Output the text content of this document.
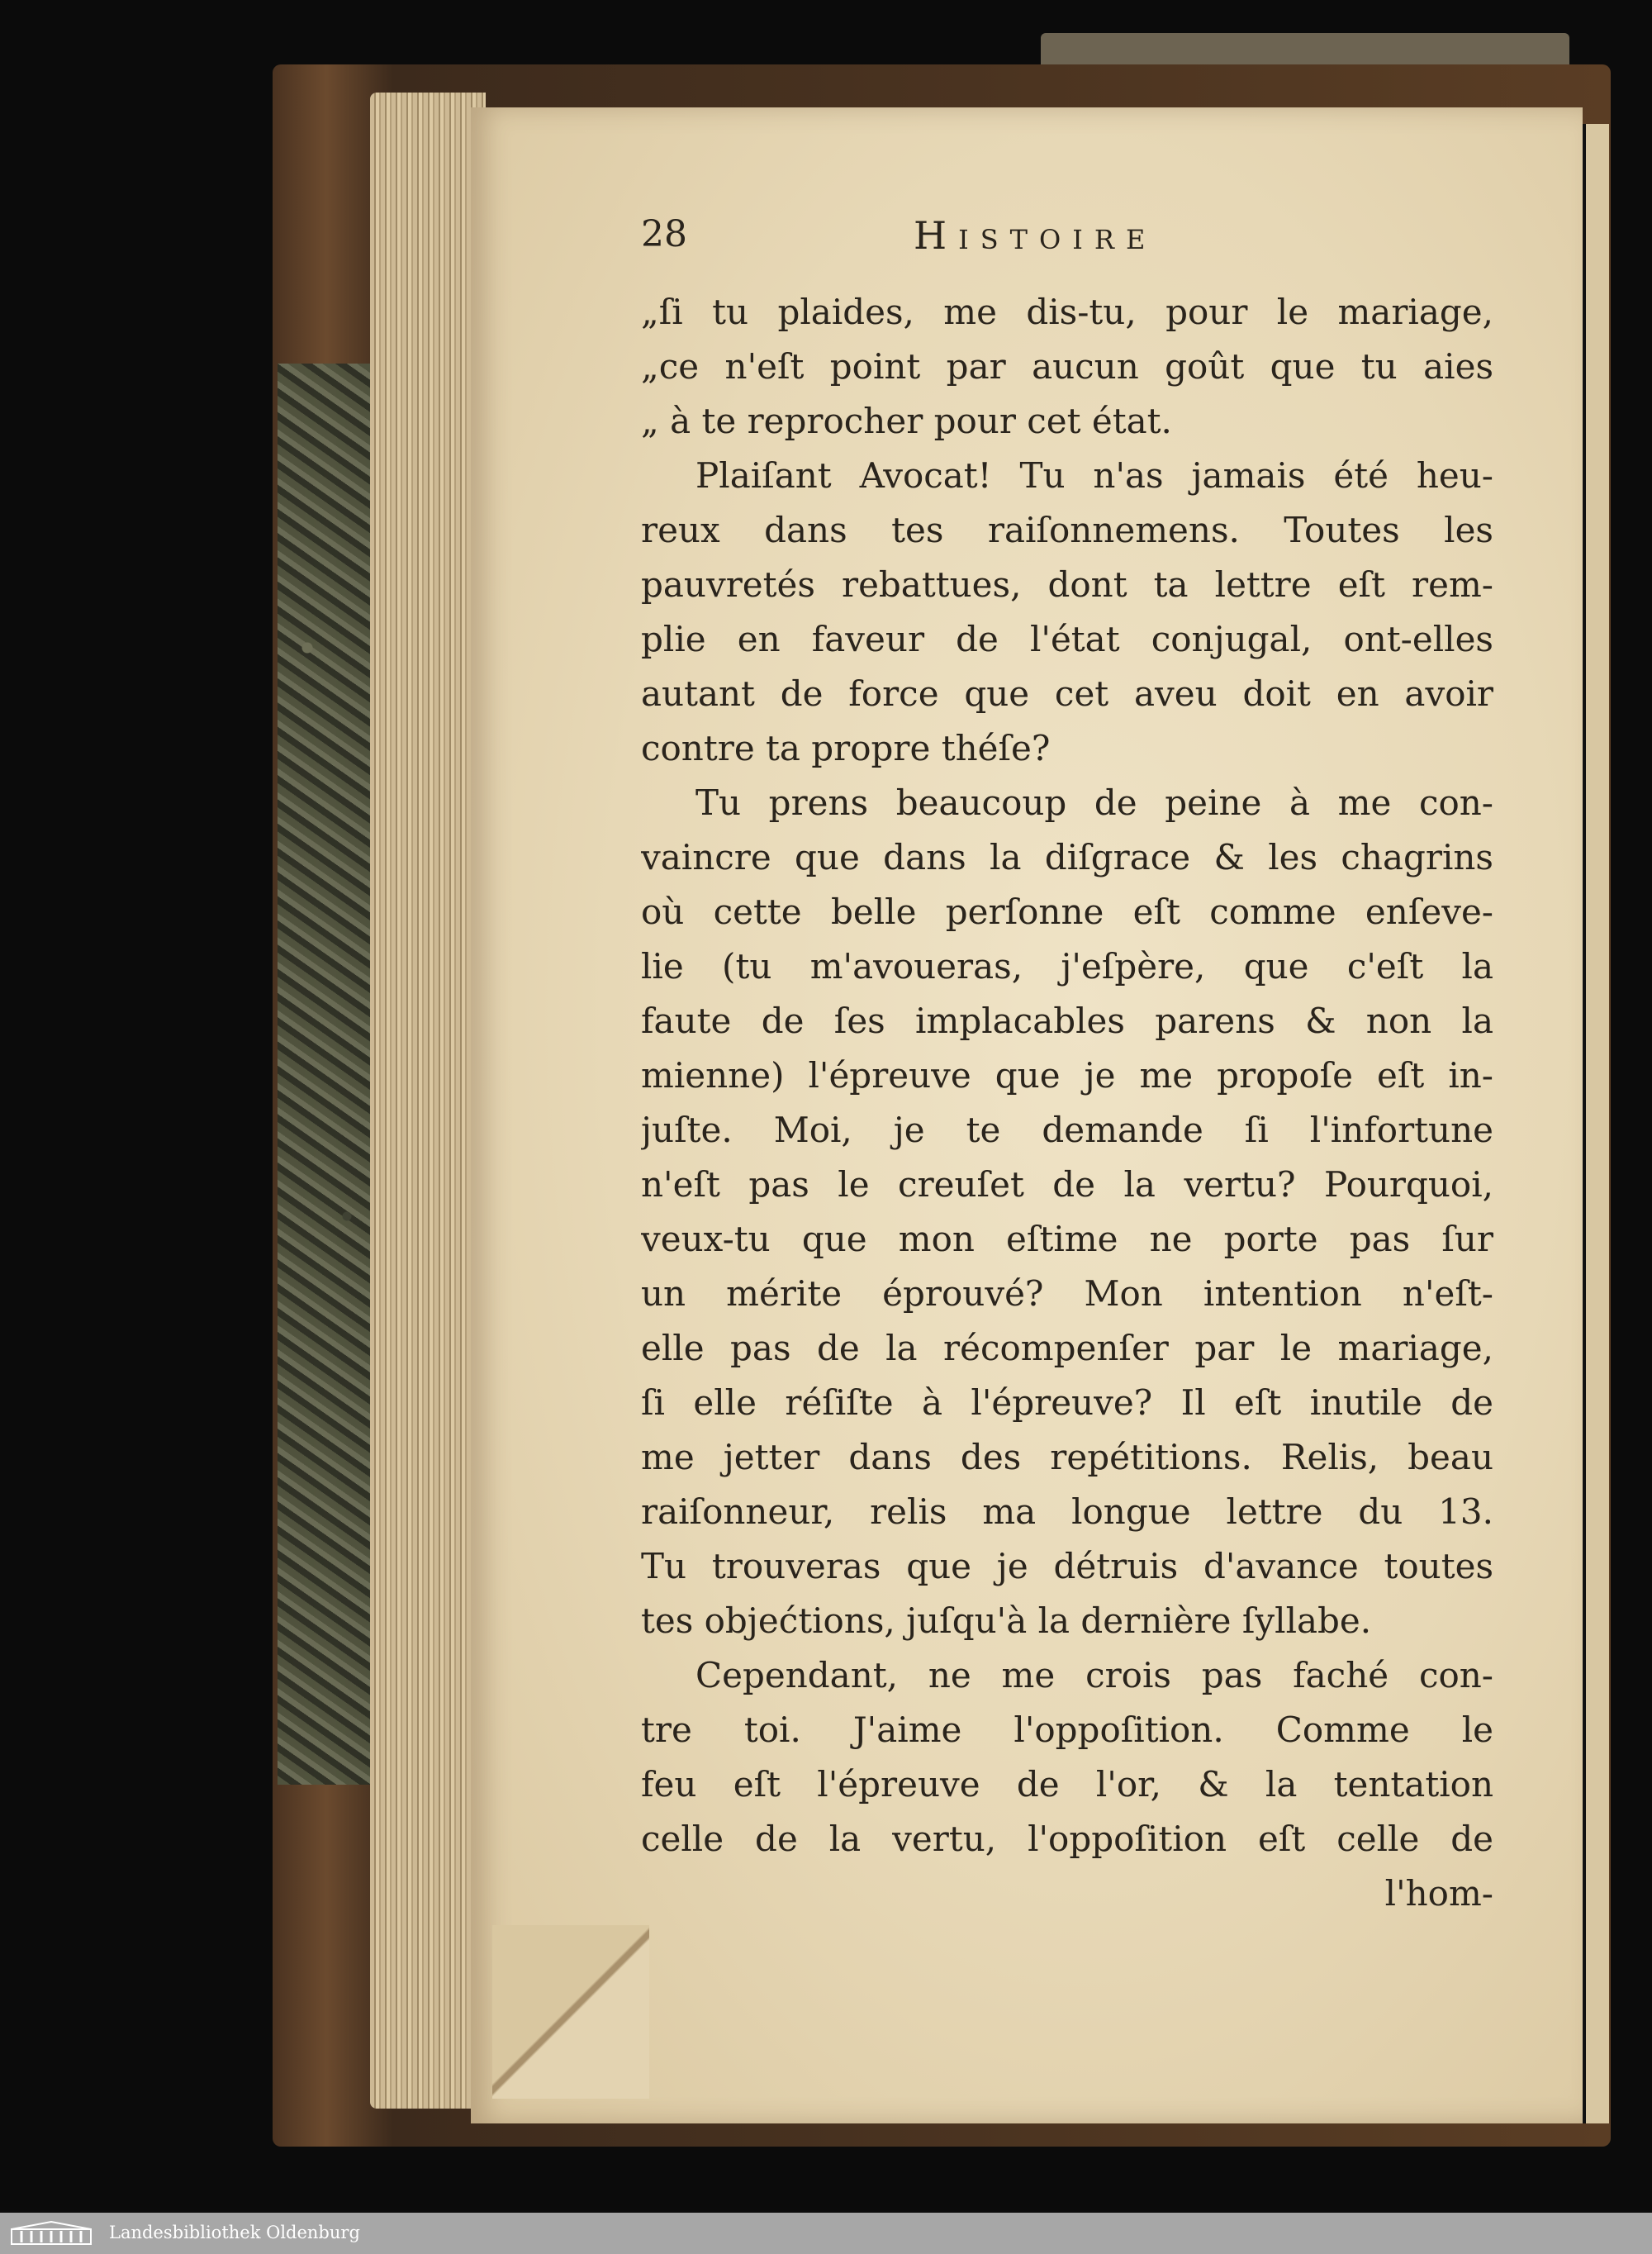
28	Histoire
„ſi tu plaides, me dis-tu, pour le mariage,
„ce n'eſt point par aucun goût que tu aies
„ à te reprocher pour cet état.
Plaiſant Avocat! Tu n'as jamais été heu-
reux dans tes raiſonnemens. Toutes les
pauvretés rebattues, dont ta lettre eſt rem-
plie en faveur de l'état conjugal, ont-elles
autant de force que cet aveu doit en avoir
contre ta propre théſe?
Tu prens beaucoup de peine à me con-
vaincre que dans la diſgrace & les chagrins
où cette belle perſonne eſt comme enſeve-
lie (tu m'avoueras, j'eſpère, que c'eſt la
faute de ſes implacables parens & non la
mienne) l'épreuve que je me propoſe eſt in-
juſte. Moi, je te demande ſi l'infortune
n'eſt pas le creuſet de la vertu? Pourquoi,
veux-tu que mon eſtime ne porte pas ſur
un mérite éprouvé? Mon intention n'eſt-
elle pas de la récompenſer par le mariage,
ſi elle réſiſte à l'épreuve? Il eſt inutile de
me jetter dans des repétitions. Relis, beau
raiſonneur, relis ma longue lettre du 13.
Tu trouveras que je détruis d'avance toutes
tes objećtions, juſqu'à la dernière ſyllabe.
Cependant, ne me crois pas faché con-
tre toi. J'aime l'oppoſition. Comme le
feu eſt l'épreuve de l'or, & la tentation
celle de la vertu, l'oppoſition eſt celle de
l'hom-
Landesbibliothek Oldenburg
